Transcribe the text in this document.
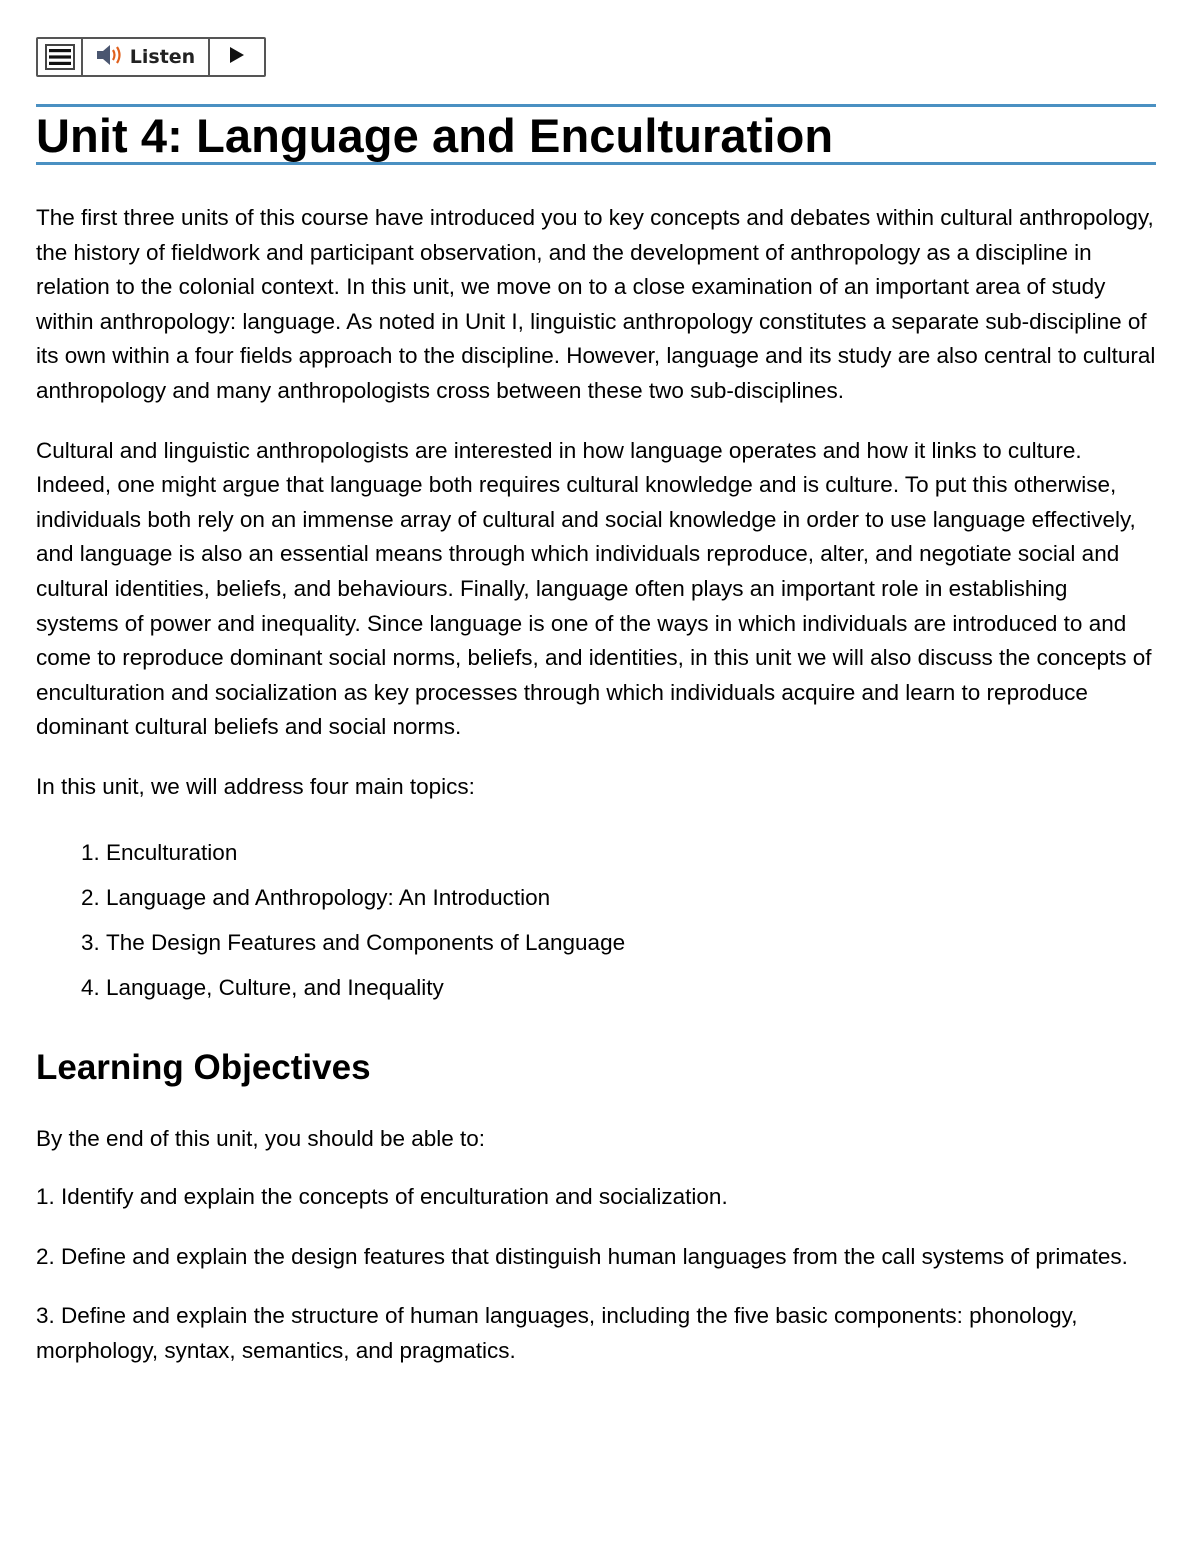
Listen
Unit 4: Language and Enculturation

The first three units of this course have introduced you to key concepts and debates within cultural anthropology, the history of fieldwork and participant observation, and the development of anthropology as a discipline in relation to the colonial context. In this unit, we move on to a close examination of an important area of study within anthropology: language. As noted in Unit I, linguistic anthropology constitutes a separate sub-discipline of its own within a four fields approach to the discipline. However, language and its study are also central to cultural anthropology and many anthropologists cross between these two sub-disciplines.

Cultural and linguistic anthropologists are interested in how language operates and how it links to culture. Indeed, one might argue that language both requires cultural knowledge and is culture. To put this otherwise, individuals both rely on an immense array of cultural and social knowledge in order to use language effectively, and language is also an essential means through which individuals reproduce, alter, and negotiate social and cultural identities, beliefs, and behaviours. Finally, language often plays an important role in establishing systems of power and inequality. Since language is one of the ways in which individuals are introduced to and come to reproduce dominant social norms, beliefs, and identities, in this unit we will also discuss the concepts of enculturation and socialization as key processes through which individuals acquire and learn to reproduce dominant cultural beliefs and social norms.

In this unit, we will address four main topics:

1. Enculturation
2. Language and Anthropology: An Introduction
3. The Design Features and Components of Language
4. Language, Culture, and Inequality
Learning Objectives

By the end of this unit, you should be able to:

1. Identify and explain the concepts of enculturation and socialization.

2. Define and explain the design features that distinguish human languages from the call systems of primates.

3. Define and explain the structure of human languages, including the five basic components: phonology, morphology, syntax, semantics, and pragmatics.
